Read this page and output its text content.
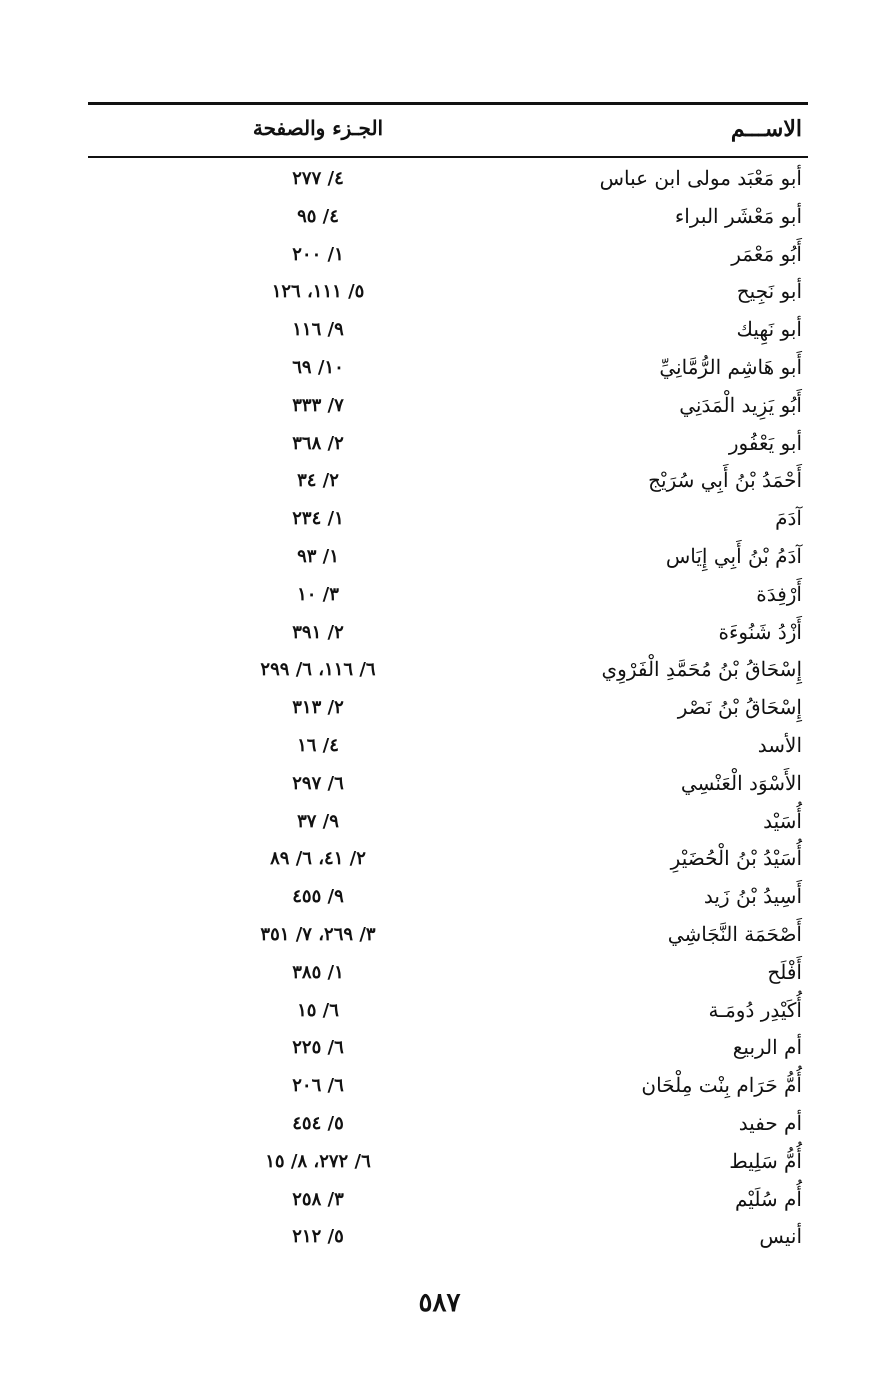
الاســـم
الجـزء والصفحة
أبو مَعْبَد مولى ابن عباس
٤/ ٢٧٧
أبو مَعْشَر البراء
٤/ ٩٥
أَبُو مَعْمَر
١/ ٢٠٠
أبو نَجِيح
٥/ ١١١، ١٢٦
أبو نَهِيك
٩/ ١١٦
أَبو هَاشِم الرُّمَّانِيِّ
١٠/ ٦٩
أَبُو يَزِيد الْمَدَنِي
٧/ ٣٣٣
أبو يَعْفُور
٢/ ٣٦٨
أَحْمَدُ بْنُ أَبِي سُرَيْج
٢/ ٣٤
آدَمَ
١/ ٢٣٤
آدَمُ بْنُ أَبِي إِيَاس
١/ ٩٣
أَرْفِدَة
٣/ ١٠
أَزْدُ شَنُوءَة
٢/ ٣٩١
إِسْحَاقُ بْنُ مُحَمَّدِ الْفَرْوِي
٦/ ١١٦، ٦/ ٢٩٩
إِسْحَاقُ بْنُ نَصْر
٢/ ٣١٣
الأسد
٤/ ١٦
الأَسْوَد الْعَنْسِي
٦/ ٢٩٧
أُسَيْد
٩/ ٣٧
أُسَيْدُ بْنُ الْحُضَيْرِ
٢/ ٤١، ٦/ ٨٩
أَسِيدُ بْنُ زَيد
٩/ ٤٥٥
أَصْحَمَة النَّجَاشِي
٣/ ٢٦٩، ٧/ ٣٥١
أَفْلَح
١/ ٣٨٥
أُكَيْدِر دُومَـة
٦/ ١٥
أم الربيع
٦/ ٢٢٥
أُمُّ حَرَام بِنْت مِلْحَان
٦/ ٢٠٦
أم حفيد
٥/ ٤٥٤
أُمُّ سَلِيط
٦/ ٢٧٢، ٨/ ١٥
أُم سُلَيْم
٣/ ٢٥٨
أنيس
٥/ ٢١٢
٥٨٧
